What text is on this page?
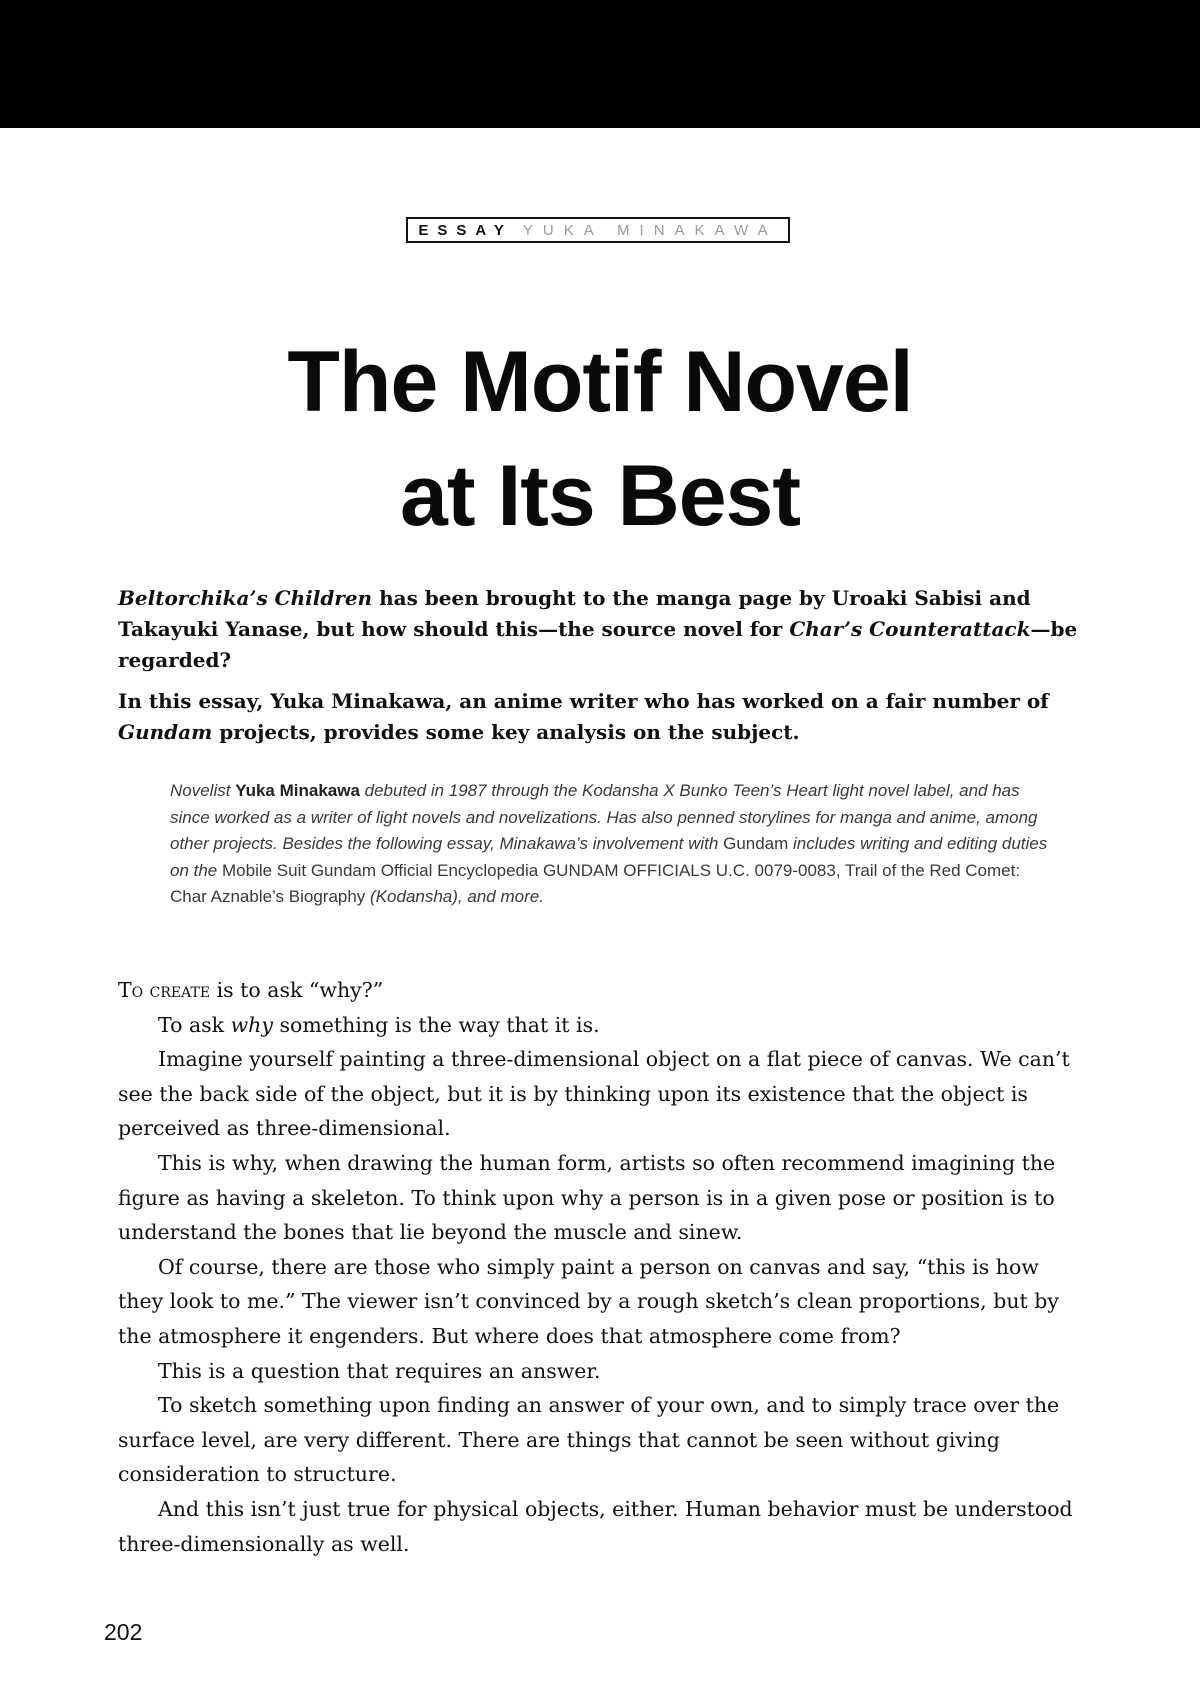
ESSAY YUKA MINAKAWA
The Motif Novel
at Its Best

Beltorchika’s Children has been brought to the manga page by Uroaki Sabisi and Takayuki Yanase, but how should this—the source novel for Char’s Counterattack—be regarded?

In this essay, Yuka Minakawa, an anime writer who has worked on a fair number of Gundam projects, provides some key analysis on the subject.

Novelist Yuka Minakawa debuted in 1987 through the Kodansha X Bunko Teen’s Heart light novel label, and has since worked as a writer of light novels and novelizations. Has also penned storylines for manga and anime, among other projects. Besides the following essay, Minakawa’s involvement with Gundam includes writing and editing duties on the Mobile Suit Gundam Official Encyclopedia GUNDAM OFFICIALS U.C. 0079-0083, Trail of the Red Comet: Char Aznable’s Biography (Kodansha), and more.

To create is to ask “why?”

To ask why something is the way that it is.

Imagine yourself painting a three-dimensional object on a flat piece of canvas. We can’t see the back side of the object, but it is by thinking upon its existence that the object is perceived as three-dimensional.

This is why, when drawing the human form, artists so often recommend imagining the figure as having a skeleton. To think upon why a person is in a given pose or position is to understand the bones that lie beyond the muscle and sinew.

Of course, there are those who simply paint a person on canvas and say, “this is how they look to me.” The viewer isn’t convinced by a rough sketch’s clean proportions, but by the atmosphere it engenders. But where does that atmosphere come from?

This is a question that requires an answer.

To sketch something upon finding an answer of your own, and to simply trace over the surface level, are very different. There are things that cannot be seen without giving consideration to structure.

And this isn’t just true for physical objects, either. Human behavior must be understood three-dimensionally as well.

202
